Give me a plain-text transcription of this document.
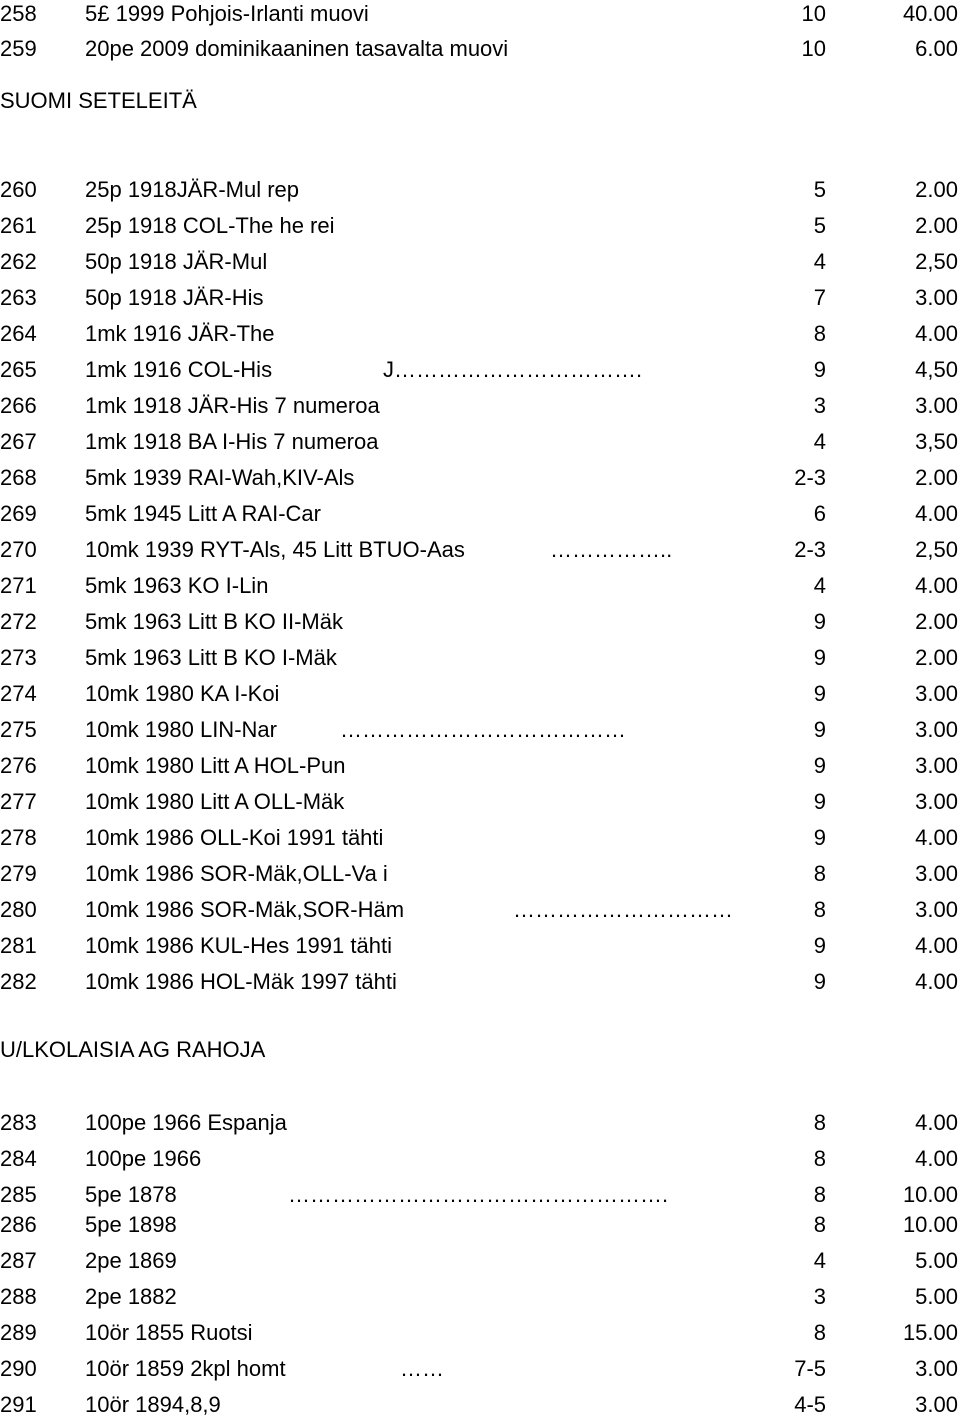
258 5£ 1999 Pohjois-Irlanti muovi	10	40.00
259 20pe 2009 dominikaaninen tasavalta muovi	10	6.00
SUOMI SETELEITÄ
260 25p 1918JÄR-Mul rep	5	2.00
261 25p 1918 COL-The he rei	5	2.00
262 50p 1918 JÄR-Mul	4	2,50
263 50p 1918 JÄR-His	7	3.00
264 1mk 1916 JÄR-The	8	4.00
265 1mk 1916 COL-His	J…………………………….	9	4,50
266 1mk 1918 JÄR-His 7 numeroa	3	3.00
267 1mk 1918 BA I-His 7 numeroa	4	3,50
268 5mk 1939 RAI-Wah,KIV-Als	2-3	2.00
269 5mk 1945 Litt A RAI-Car	6	4.00
270 10mk 1939 RYT-Als, 45 Litt BTUO-Aas	……………..	2-3	2,50
271 5mk 1963 KO I-Lin	4	4.00
272 5mk 1963 Litt B KO II-Mäk	9	2.00
273 5mk 1963 Litt B KO I-Mäk	9	2.00
274 10mk 1980 KA I-Koi	9	3.00
275 10mk 1980 LIN-Nar	…………………………………	9	3.00
276 10mk 1980 Litt A HOL-Pun	9	3.00
277 10mk 1980 Litt A OLL-Mäk	9	3.00
278 10mk 1986 OLL-Koi 1991 tähti	9	4.00
279 10mk 1986 SOR-Mäk,OLL-Va i	8	3.00
280 10mk 1986 SOR-Mäk,SOR-Häm	…………………………	8	3.00
281 10mk 1986 KUL-Hes 1991 tähti	9	4.00
282 10mk 1986 HOL-Mäk 1997 tähti	9	4.00
U/LKOLAISIA AG RAHOJA
283 100pe 1966 Espanja	8	4.00
284 100pe 1966	8	4.00
285 5pe 1878	…………………………………………….	8	10.00
286 5pe 1898	8	10.00
287 2pe 1869	4	5.00
288 2pe 1882	3	5.00
289 10ör 1855 Ruotsi	8	15.00
290 10ör 1859 2kpl homt	……	7-5	3.00
291 10ör 1894,8,9	4-5	3.00
